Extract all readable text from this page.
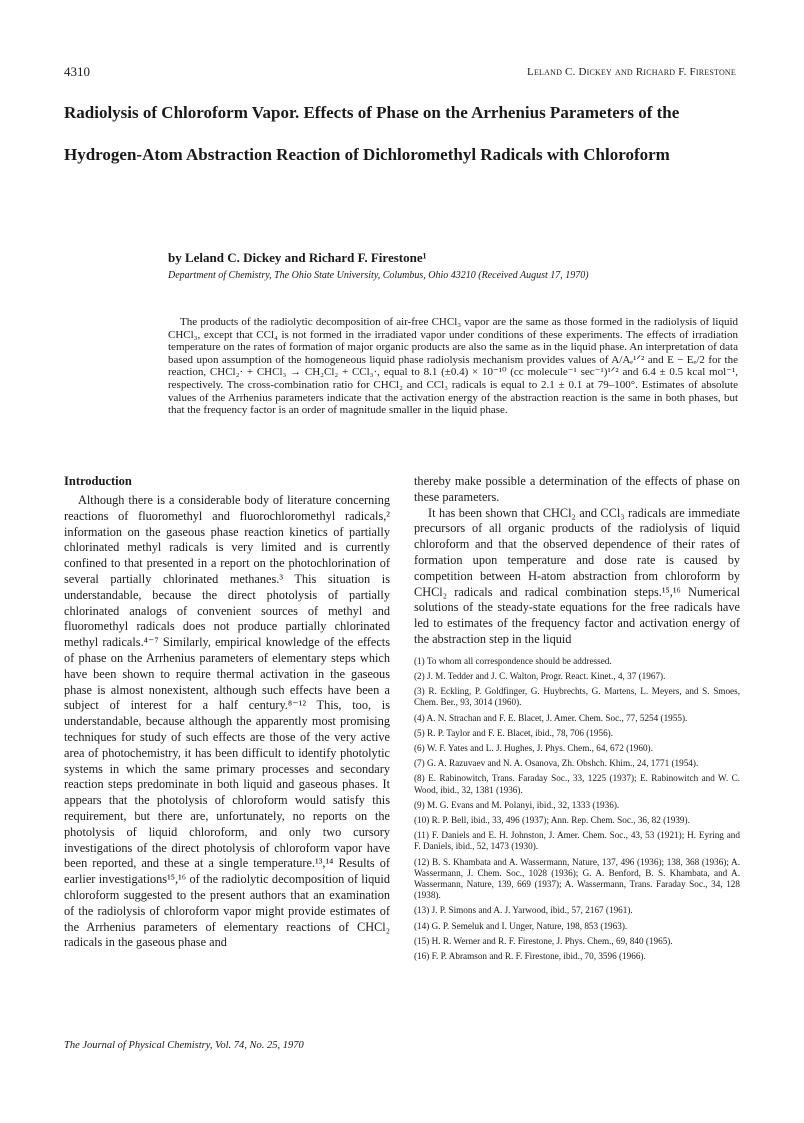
4310	Leland C. Dickey and Richard F. Firestone
Radiolysis of Chloroform Vapor. Effects of Phase on the Arrhenius Parameters of the Hydrogen-Atom Abstraction Reaction of Dichloromethyl Radicals with Chloroform
by Leland C. Dickey and Richard F. Firestone¹
Department of Chemistry, The Ohio State University, Columbus, Ohio 43210 (Received August 17, 1970)

The products of the radiolytic decomposition of air-free CHCl₃ vapor are the same as those formed in the radiolysis of liquid CHCl₃, except that CCl₄ is not formed in the irradiated vapor under conditions of these experiments. The effects of irradiation temperature on the rates of formation of major organic products are also the same as in the liquid phase. An interpretation of data based upon assumption of the homogeneous liquid phase radiolysis mechanism provides values of A/Aₑ¹ᐟ² and E − Eₑ/2 for the reaction, CHCl₂· + CHCl₃ → CH₂Cl₂ + CCl₃·, equal to 8.1 (±0.4) × 10⁻¹⁰ (cc molecule⁻¹ sec⁻¹)¹ᐟ² and 6.4 ± 0.5 kcal mol⁻¹, respectively. The cross-combination ratio for CHCl₂ and CCl₃ radicals is equal to 2.1 ± 0.1 at 79–100°. Estimates of absolute values of the Arrhenius parameters indicate that the activation energy of the abstraction reaction is the same in both phases, but that the frequency factor is an order of magnitude smaller in the liquid phase.

Introduction

Although there is a considerable body of literature concerning reactions of fluoromethyl and fluorochloromethyl radicals,² information on the gaseous phase reaction kinetics of partially chlorinated methyl radicals is very limited and is currently confined to that presented in a report on the photochlorination of several partially chlorinated methanes.³ This situation is understandable, because the direct photolysis of partially chlorinated analogs of convenient sources of methyl and fluoromethyl radicals does not produce partially chlorinated methyl radicals.⁴⁻⁷ Similarly, empirical knowledge of the effects of phase on the Arrhenius parameters of elementary steps which have been shown to require thermal activation in the gaseous phase is almost nonexistent, although such effects have been a subject of interest for a half century.⁸⁻¹² This, too, is understandable, because although the apparently most promising techniques for study of such effects are those of the very active area of photochemistry, it has been difficult to identify photolytic systems in which the same primary processes and secondary reaction steps predominate in both liquid and gaseous phases. It appears that the photolysis of chloroform would satisfy this requirement, but there are, unfortunately, no reports on the photolysis of liquid chloroform, and only two cursory investigations of the direct photolysis of chloroform vapor have been reported, and these at a single temperature.¹³,¹⁴ Results of earlier investigations¹⁵,¹⁶ of the radiolytic decomposition of liquid chloroform suggested to the present authors that an examination of the radiolysis of chloroform vapor might provide estimates of the Arrhenius parameters of elementary reactions of CHCl₂ radicals in the gaseous phase and

thereby make possible a determination of the effects of phase on these parameters.

It has been shown that CHCl₂ and CCl₃ radicals are immediate precursors of all organic products of the radiolysis of liquid chloroform and that the observed dependence of their rates of formation upon temperature and dose rate is caused by competition between H-atom abstraction from chloroform by CHCl₂ radicals and radical combination steps.¹⁵,¹⁶ Numerical solutions of the steady-state equations for the free radicals have led to estimates of the frequency factor and activation energy of the abstraction step in the liquid

(1) To whom all correspondence should be addressed.
(2) J. M. Tedder and J. C. Walton, Progr. React. Kinet., 4, 37 (1967).
(3) R. Eckling, P. Goldfinger, G. Huybrechts, G. Martens, L. Meyers, and S. Smoes, Chem. Ber., 93, 3014 (1960).
(4) A. N. Strachan and F. E. Blacet, J. Amer. Chem. Soc., 77, 5254 (1955).
(5) R. P. Taylor and F. E. Blacet, ibid., 78, 706 (1956).
(6) W. F. Yates and L. J. Hughes, J. Phys. Chem., 64, 672 (1960).
(7) G. A. Razuvaev and N. A. Osanova, Zh. Obshch. Khim., 24, 1771 (1954).
(8) E. Rabinowitch, Trans. Faraday Soc., 33, 1225 (1937); E. Rabinowitch and W. C. Wood, ibid., 32, 1381 (1936).
(9) M. G. Evans and M. Polanyi, ibid., 32, 1333 (1936).
(10) R. P. Bell, ibid., 33, 496 (1937); Ann. Rep. Chem. Soc., 36, 82 (1939).
(11) F. Daniels and E. H. Johnston, J. Amer. Chem. Soc., 43, 53 (1921); H. Eyring and F. Daniels, ibid., 52, 1473 (1930).
(12) B. S. Khambata and A. Wassermann, Nature, 137, 496 (1936); 138, 368 (1936); A. Wassermann, J. Chem. Soc., 1028 (1936); G. A. Benford, B. S. Khambata, and A. Wassermann, Nature, 139, 669 (1937); A. Wassermann, Trans. Faraday Soc., 34, 128 (1938).
(13) J. P. Simons and A. J. Yarwood, ibid., 57, 2167 (1961).
(14) G. P. Semeluk and I. Unger, Nature, 198, 853 (1963).
(15) H. R. Werner and R. F. Firestone, J. Phys. Chem., 69, 840 (1965).
(16) F. P. Abramson and R. F. Firestone, ibid., 70, 3596 (1966).
The Journal of Physical Chemistry, Vol. 74, No. 25, 1970
